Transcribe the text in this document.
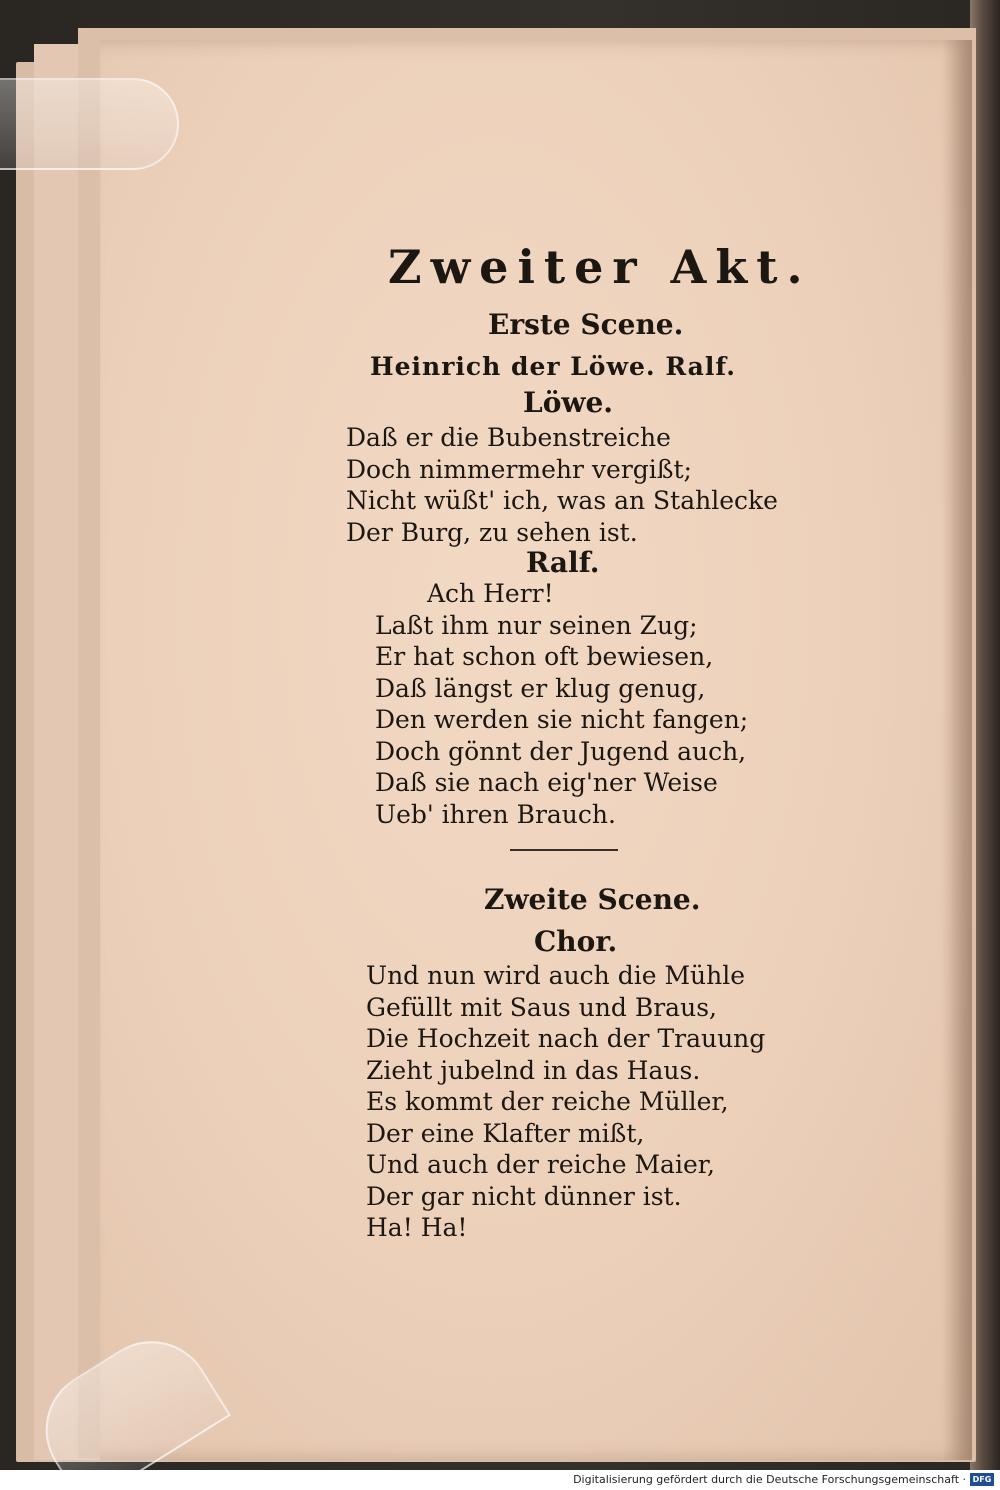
Zweiter Akt.
Erste Scene.
Heinrich der Löwe. Ralf.
Löwe.
Daß er die Bubenstreiche
Doch nimmermehr vergißt;
Nicht wüßt' ich, was an Stahlecke
Der Burg, zu sehen ist.
Ralf.
Ach Herr!
Laßt ihm nur seinen Zug;
Er hat schon oft bewiesen,
Daß längst er klug genug,
Den werden sie nicht fangen;
Doch gönnt der Jugend auch,
Daß sie nach eig'ner Weise
Ueb' ihren Brauch.
Zweite Scene.
Chor.
Und nun wird auch die Mühle
Gefüllt mit Saus und Braus,
Die Hochzeit nach der Trauung
Zieht jubelnd in das Haus.
Es kommt der reiche Müller,
Der eine Klafter mißt,
Und auch der reiche Maier,
Der gar nicht dünner ist.
Ha! Ha!
Digitalisierung gefördert durch die Deutsche Forschungsgemeinschaft · DFG
